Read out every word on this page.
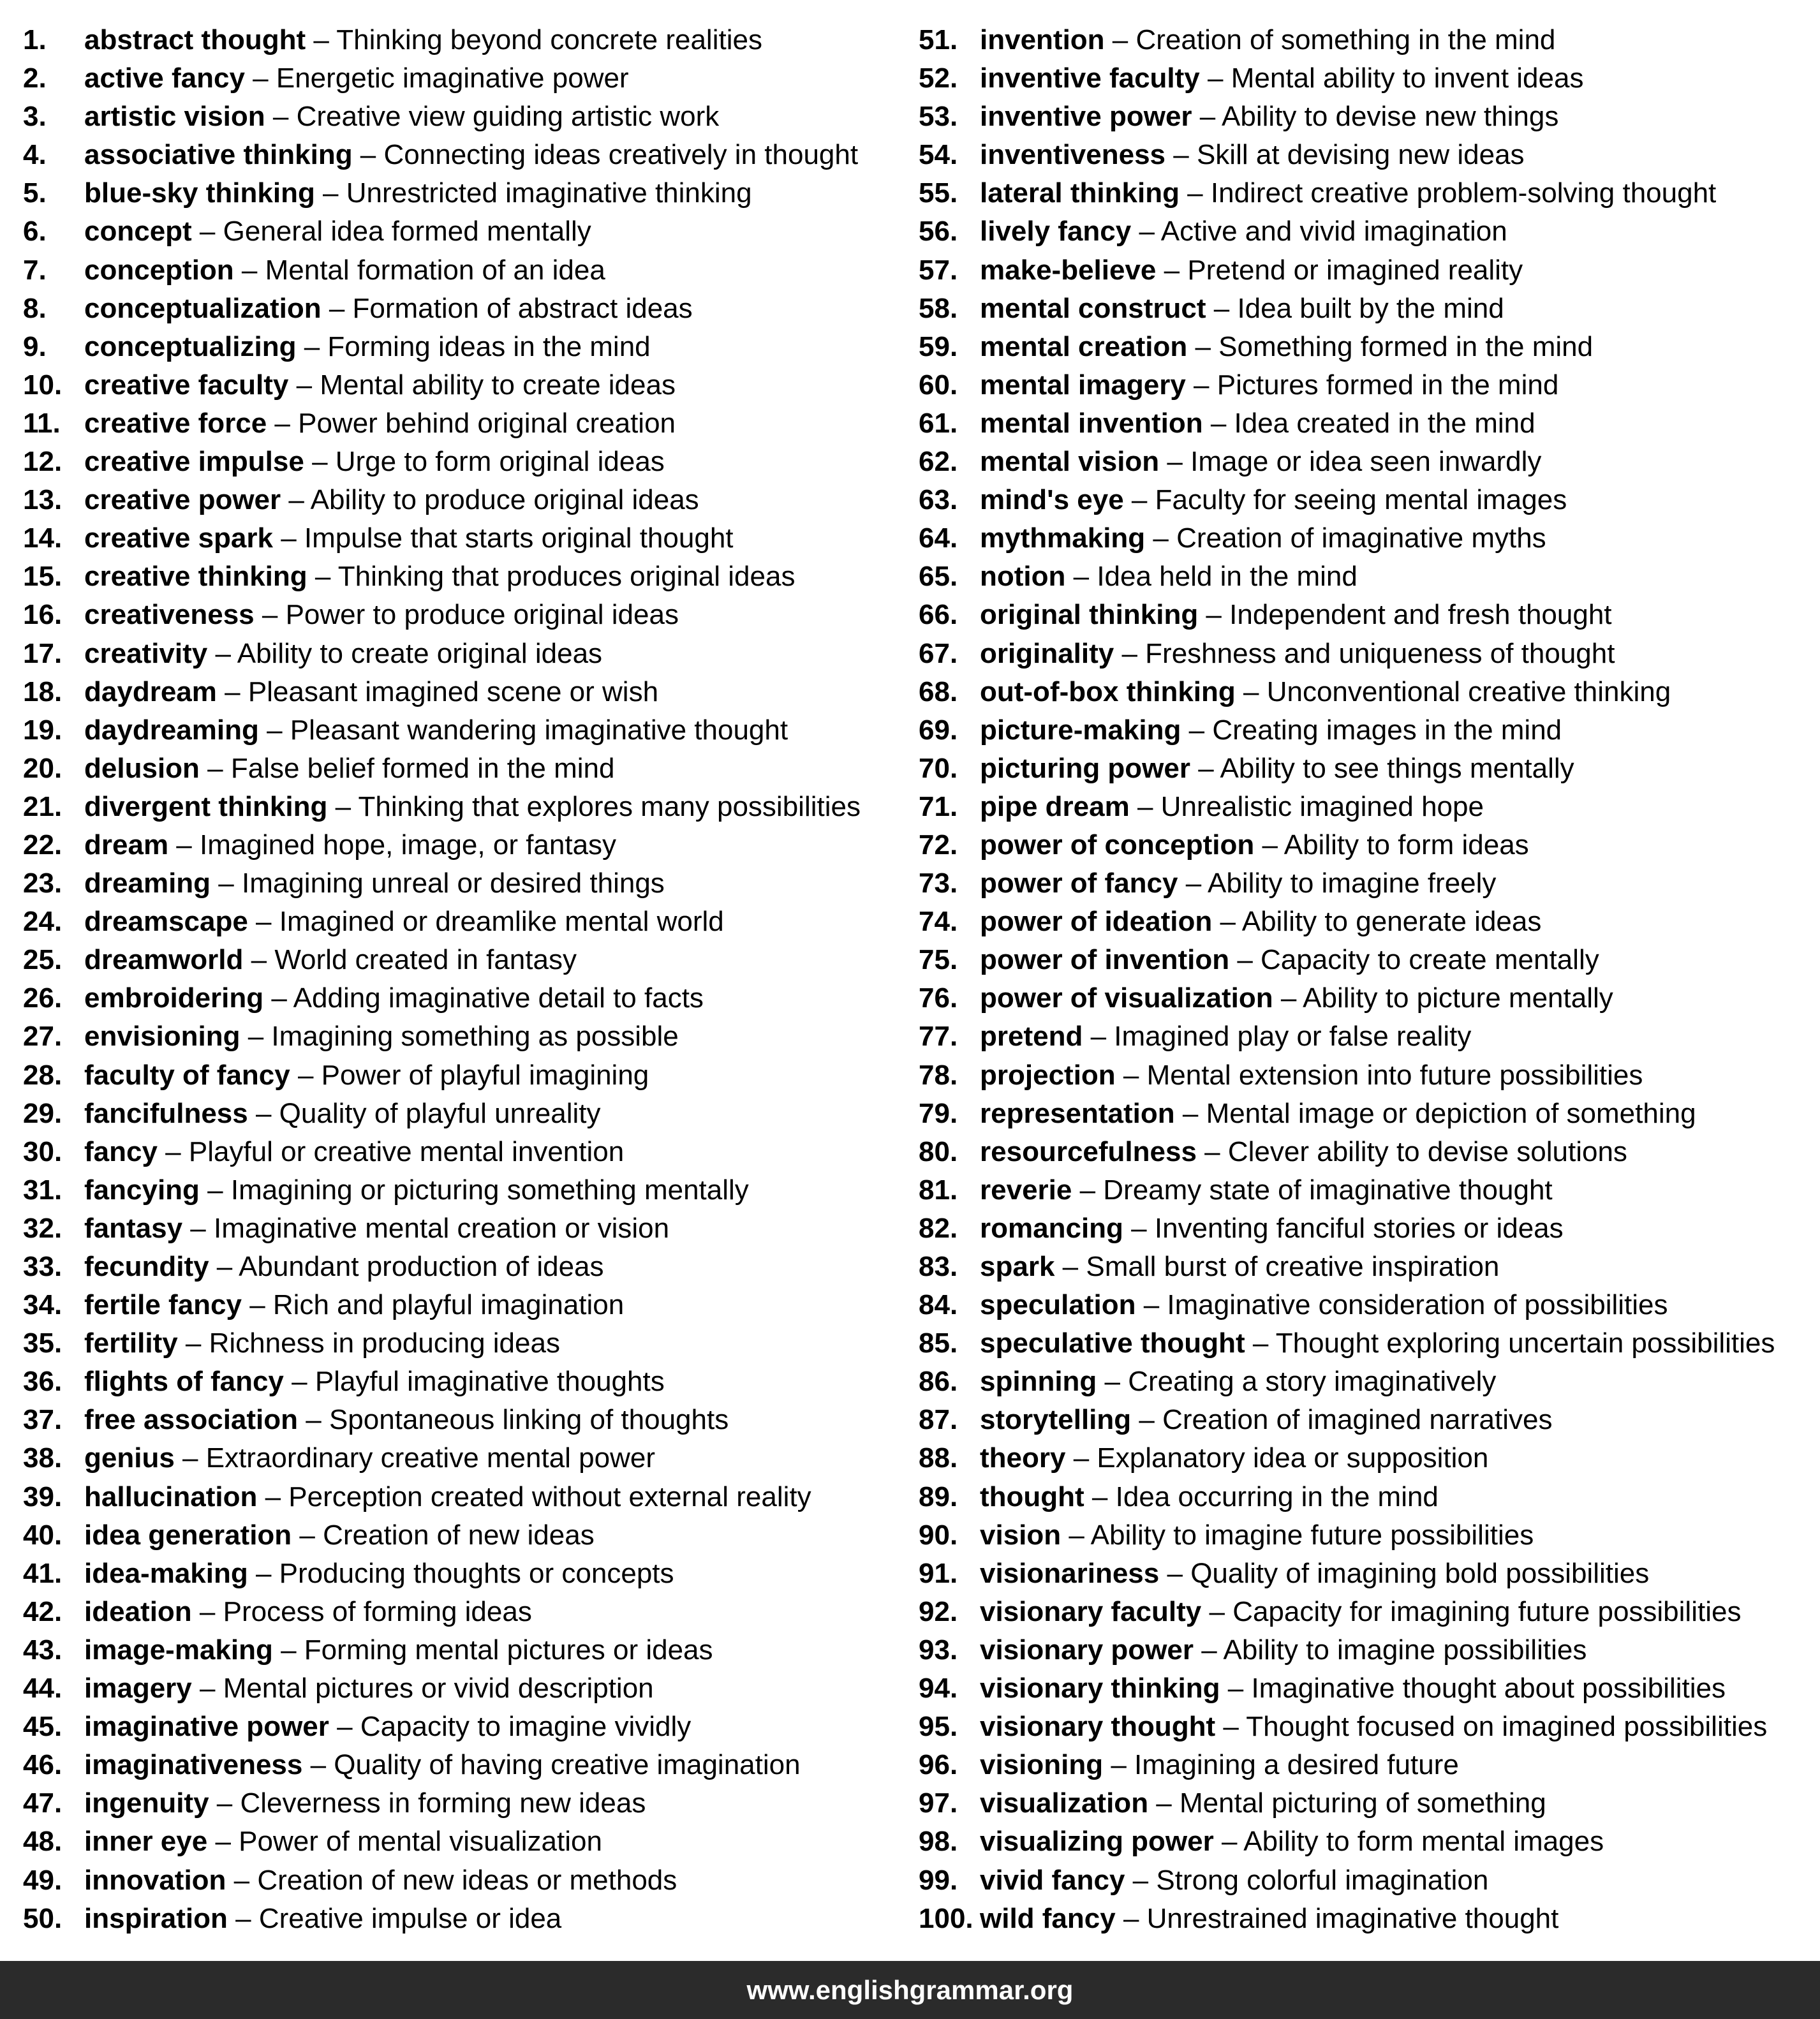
1. abstract thought – Thinking beyond concrete realities
2. active fancy – Energetic imaginative power
3. artistic vision – Creative view guiding artistic work
4. associative thinking – Connecting ideas creatively in thought
5. blue-sky thinking – Unrestricted imaginative thinking
6. concept – General idea formed mentally
7. conception – Mental formation of an idea
8. conceptualization – Formation of abstract ideas
9. conceptualizing – Forming ideas in the mind
10. creative faculty – Mental ability to create ideas
11. creative force – Power behind original creation
12. creative impulse – Urge to form original ideas
13. creative power – Ability to produce original ideas
14. creative spark – Impulse that starts original thought
15. creative thinking – Thinking that produces original ideas
16. creativeness – Power to produce original ideas
17. creativity – Ability to create original ideas
18. daydream – Pleasant imagined scene or wish
19. daydreaming – Pleasant wandering imaginative thought
20. delusion – False belief formed in the mind
21. divergent thinking – Thinking that explores many possibilities
22. dream – Imagined hope, image, or fantasy
23. dreaming – Imagining unreal or desired things
24. dreamscape – Imagined or dreamlike mental world
25. dreamworld – World created in fantasy
26. embroidering – Adding imaginative detail to facts
27. envisioning – Imagining something as possible
28. faculty of fancy – Power of playful imagining
29. fancifulness – Quality of playful unreality
30. fancy – Playful or creative mental invention
31. fancying – Imagining or picturing something mentally
32. fantasy – Imaginative mental creation or vision
33. fecundity – Abundant production of ideas
34. fertile fancy – Rich and playful imagination
35. fertility – Richness in producing ideas
36. flights of fancy – Playful imaginative thoughts
37. free association – Spontaneous linking of thoughts
38. genius – Extraordinary creative mental power
39. hallucination – Perception created without external reality
40. idea generation – Creation of new ideas
41. idea-making – Producing thoughts or concepts
42. ideation – Process of forming ideas
43. image-making – Forming mental pictures or ideas
44. imagery – Mental pictures or vivid description
45. imaginative power – Capacity to imagine vividly
46. imaginativeness – Quality of having creative imagination
47. ingenuity – Cleverness in forming new ideas
48. inner eye – Power of mental visualization
49. innovation – Creation of new ideas or methods
50. inspiration – Creative impulse or idea
51. invention – Creation of something in the mind
52. inventive faculty – Mental ability to invent ideas
53. inventive power – Ability to devise new things
54. inventiveness – Skill at devising new ideas
55. lateral thinking – Indirect creative problem-solving thought
56. lively fancy – Active and vivid imagination
57. make-believe – Pretend or imagined reality
58. mental construct – Idea built by the mind
59. mental creation – Something formed in the mind
60. mental imagery – Pictures formed in the mind
61. mental invention – Idea created in the mind
62. mental vision – Image or idea seen inwardly
63. mind's eye – Faculty for seeing mental images
64. mythmaking – Creation of imaginative myths
65. notion – Idea held in the mind
66. original thinking – Independent and fresh thought
67. originality – Freshness and uniqueness of thought
68. out-of-box thinking – Unconventional creative thinking
69. picture-making – Creating images in the mind
70. picturing power – Ability to see things mentally
71. pipe dream – Unrealistic imagined hope
72. power of conception – Ability to form ideas
73. power of fancy – Ability to imagine freely
74. power of ideation – Ability to generate ideas
75. power of invention – Capacity to create mentally
76. power of visualization – Ability to picture mentally
77. pretend – Imagined play or false reality
78. projection – Mental extension into future possibilities
79. representation – Mental image or depiction of something
80. resourcefulness – Clever ability to devise solutions
81. reverie – Dreamy state of imaginative thought
82. romancing – Inventing fanciful stories or ideas
83. spark – Small burst of creative inspiration
84. speculation – Imaginative consideration of possibilities
85. speculative thought – Thought exploring uncertain possibilities
86. spinning – Creating a story imaginatively
87. storytelling – Creation of imagined narratives
88. theory – Explanatory idea or supposition
89. thought – Idea occurring in the mind
90. vision – Ability to imagine future possibilities
91. visionariness – Quality of imagining bold possibilities
92. visionary faculty – Capacity for imagining future possibilities
93. visionary power – Ability to imagine possibilities
94. visionary thinking – Imaginative thought about possibilities
95. visionary thought – Thought focused on imagined possibilities
96. visioning – Imagining a desired future
97. visualization – Mental picturing of something
98. visualizing power – Ability to form mental images
99. vivid fancy – Strong colorful imagination
100. wild fancy – Unrestrained imaginative thought
www.englishgrammar.org
